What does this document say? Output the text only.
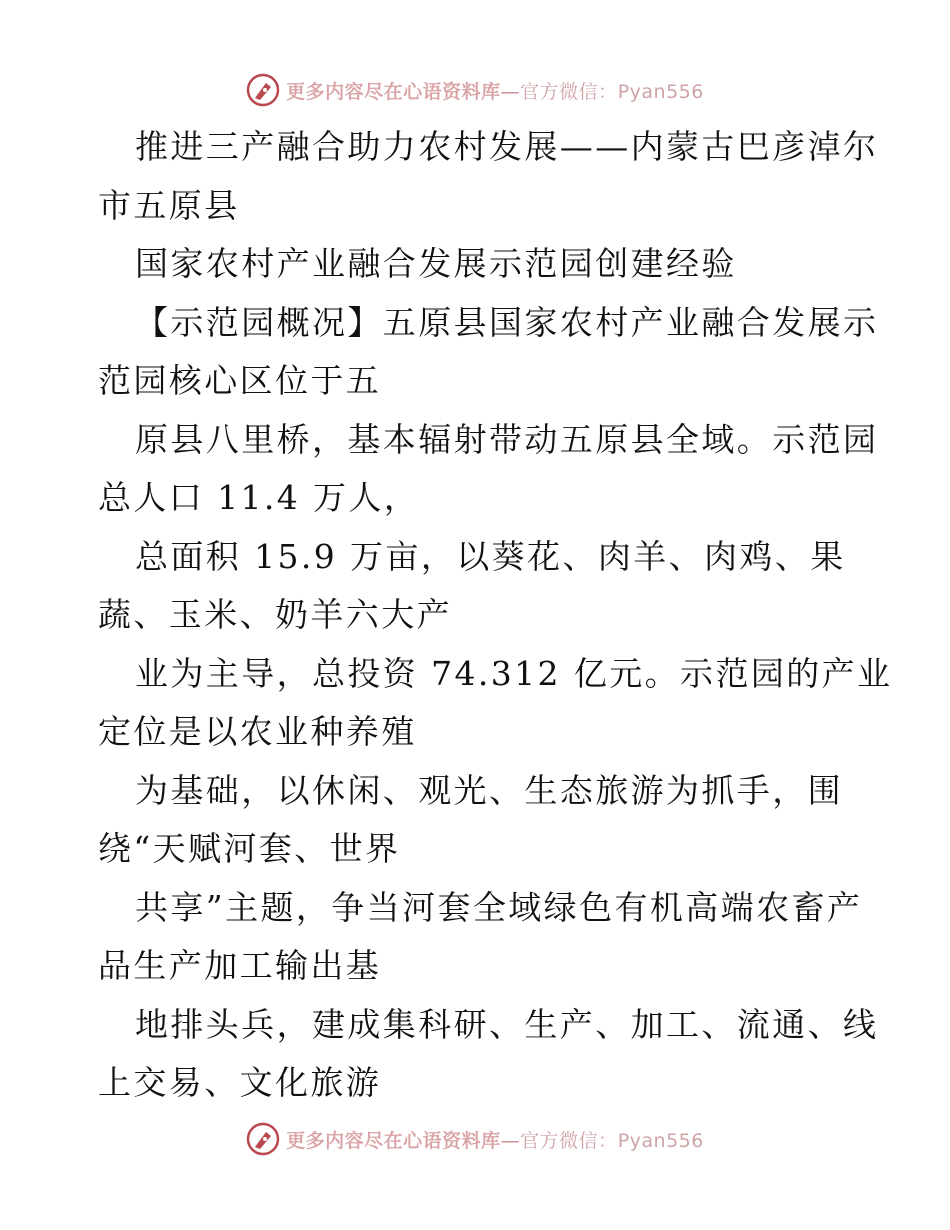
更多内容尽在心语资料库—官方微信：Pyan556
推进三产融合助力农村发展——内蒙古巴彦淖尔
市五原县
国家农村产业融合发展示范园创建经验
【示范园概况】五原县国家农村产业融合发展示
范园核心区位于五
原县八里桥，基本辐射带动五原县全域。示范园
总人口 11.4 万人，
总面积 15.9 万亩，以葵花、肉羊、肉鸡、果
蔬、玉米、奶羊六大产
业为主导，总投资 74.312 亿元。示范园的产业
定位是以农业种养殖
为基础，以休闲、观光、生态旅游为抓手，围
绕“天赋河套、世界
共享”主题，争当河套全域绿色有机高端农畜产
品生产加工输出基
地排头兵，建成集科研、生产、加工、流通、线
上交易、文化旅游
更多内容尽在心语资料库—官方微信：Pyan556
